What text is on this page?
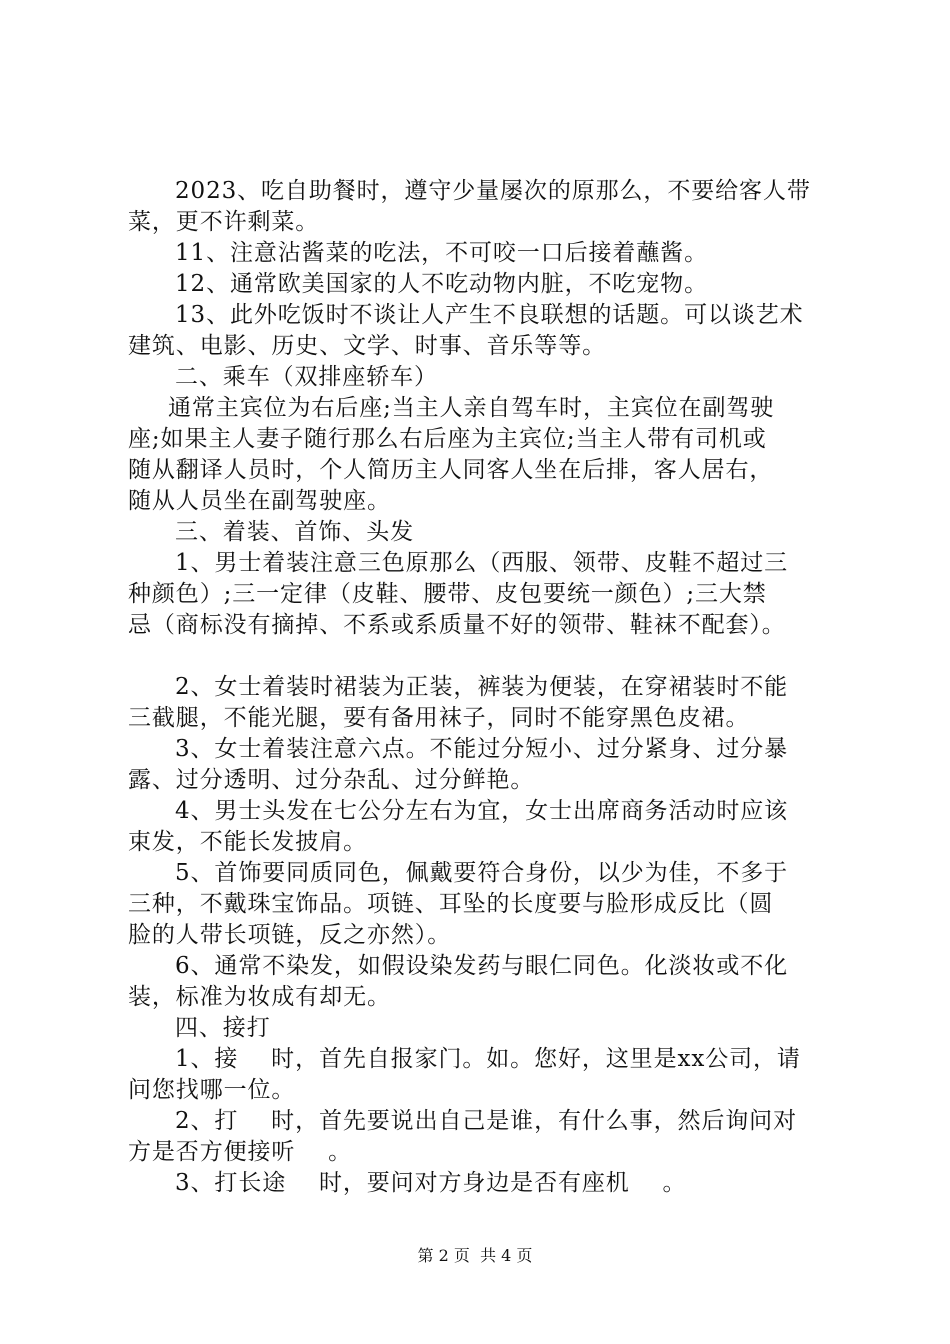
2023、吃自助餐时，遵守少量屡次的原那么，不要给客人带
菜，更不许剩菜。
11、注意沾酱菜的吃法，不可咬一口后接着蘸酱。
12、通常欧美国家的人不吃动物内脏，不吃宠物。
13、此外吃饭时不谈让人产生不良联想的话题。可以谈艺术
建筑、电影、历史、文学、时事、音乐等等。
二、乘车（双排座轿车）
通常主宾位为右后座;当主人亲自驾车时，主宾位在副驾驶
座;如果主人妻子随行那么右后座为主宾位;当主人带有司机或
随从翻译人员时，个人简历主人同客人坐在后排，客人居右，
随从人员坐在副驾驶座。
三、着装、首饰、头发
1、男士着装注意三色原那么（西服、领带、皮鞋不超过三
种颜色）;三一定律（皮鞋、腰带、皮包要统一颜色）;三大禁
忌（商标没有摘掉、不系或系质量不好的领带、鞋袜不配套）。
2、女士着装时裙装为正装，裤装为便装，在穿裙装时不能
三截腿，不能光腿，要有备用袜子，同时不能穿黑色皮裙。
3、女士着装注意六点。不能过分短小、过分紧身、过分暴
露、过分透明、过分杂乱、过分鲜艳。
4、男士头发在七公分左右为宜，女士出席商务活动时应该
束发，不能长发披肩。
5、首饰要同质同色，佩戴要符合身份，以少为佳，不多于
三种，不戴珠宝饰品。项链、耳坠的长度要与脸形成反比（圆
脸的人带长项链，反之亦然）。
6、通常不染发，如假设染发药与眼仁同色。化淡妆或不化
装，标准为妆成有却无。
四、接打
1、接    时，首先自报家门。如。您好，这里是xx公司，请
问您找哪一位。
2、打    时，首先要说出自己是谁，有什么事，然后询问对
方是否方便接听    。
3、打长途    时，要问对方身边是否有座机    。
第 2 页  共 4 页
